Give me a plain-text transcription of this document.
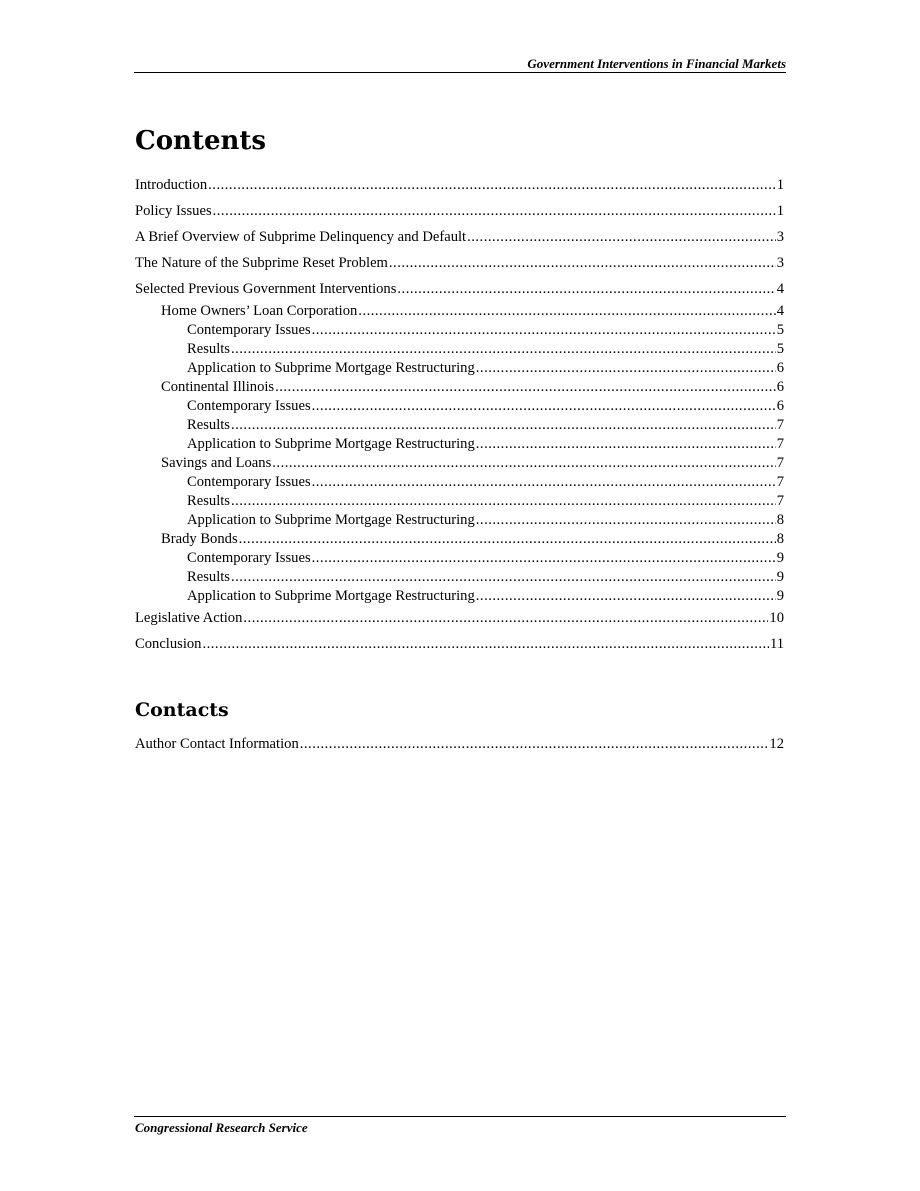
Government Interventions in Financial Markets
Contents
Introduction .....	1
Policy Issues .....	1
A Brief Overview of Subprime Delinquency and Default .....	3
The Nature of the Subprime Reset Problem .....	3
Selected Previous Government Interventions .....	4
Home Owners’ Loan Corporation .....	4
Contemporary Issues .....	5
Results .....	5
Application to Subprime Mortgage Restructuring .....	6
Continental Illinois .....	6
Contemporary Issues .....	6
Results .....	7
Application to Subprime Mortgage Restructuring .....	7
Savings and Loans .....	7
Contemporary Issues .....	7
Results .....	7
Application to Subprime Mortgage Restructuring .....	8
Brady Bonds .....	8
Contemporary Issues .....	9
Results .....	9
Application to Subprime Mortgage Restructuring .....	9
Legislative Action .....	10
Conclusion .....	11
Contacts
Author Contact Information .....	12
Congressional Research Service
